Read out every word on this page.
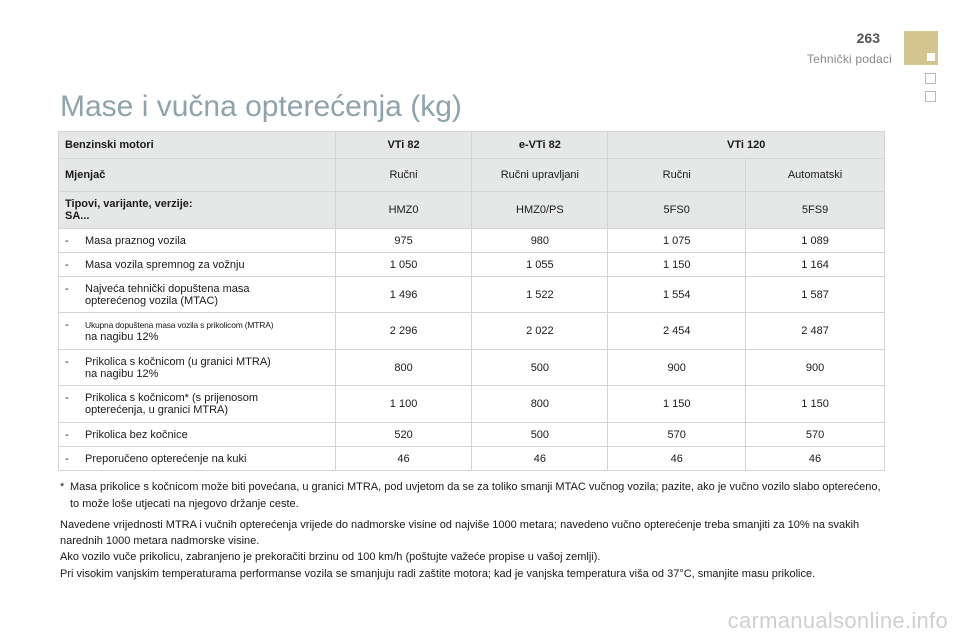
263
Tehnički podaci
Mase i vučna opterećenja (kg)
Benzinski motori	VTi 82	e-VTi 82	VTi 120	
Mjenjač	Ručni	Ručni upravljani	Ručni	Automatski
Tipovi, varijante, verzije:
SA...	HMZ0	HMZ0/PS	5FS0	5FS9

- Masa praznog vozila	975	980	1 075	1 089

- Masa vozila spremnog za vožnju	1 050	1 055	1 150	1 164

- Najveća tehnički dopuštena masa
opterećenog vozila (MTAC)	1 496	1 522	1 554	1 587

- Ukupna dopuštena masa vozila s prikolicom (MTRA)
na nagibu 12%	2 296	2 022	2 454	2 487

- Prikolica s kočnicom (u granici MTRA)
na nagibu 12%	800	500	900	900

- Prikolica s kočnicom* (s prijenosom
opterećenja, u granici MTRA)	1 100	800	1 150	1 150

- Prikolica bez kočnice	520	500	570	570

- Preporučeno opterećenje na kuki	46	46	46	46
* Masa prikolice s kočnicom može biti povećana, u granici MTRA, pod uvjetom da se za toliko smanji MTAC vučnog vozila; pazite, ako je vučno vozilo slabo opterećeno, to može loše utjecati na njegovo držanje ceste.

Navedene vrijednosti MTRA i vučnih opterećenja vrijede do nadmorske visine od najviše 1000 metara; navedeno vučno opterećenje treba smanjiti za 10% na svakih narednih 1000 metara nadmorske visine.

Ako vozilo vuče prikolicu, zabranjeno je prekoračiti brzinu od 100 km/h (poštujte važeće propise u vašoj zemlji).

Pri visokim vanjskim temperaturama performanse vozila se smanjuju radi zaštite motora; kad je vanjska temperatura viša od 37°C, smanjite masu prikolice.

carmanualsonline.info
